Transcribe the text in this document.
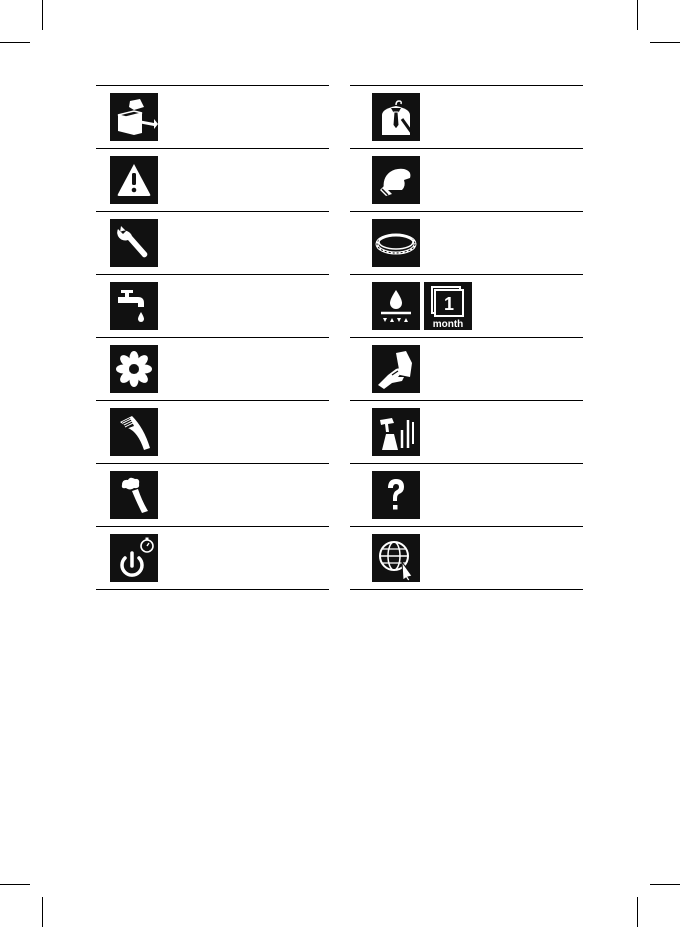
1
month
